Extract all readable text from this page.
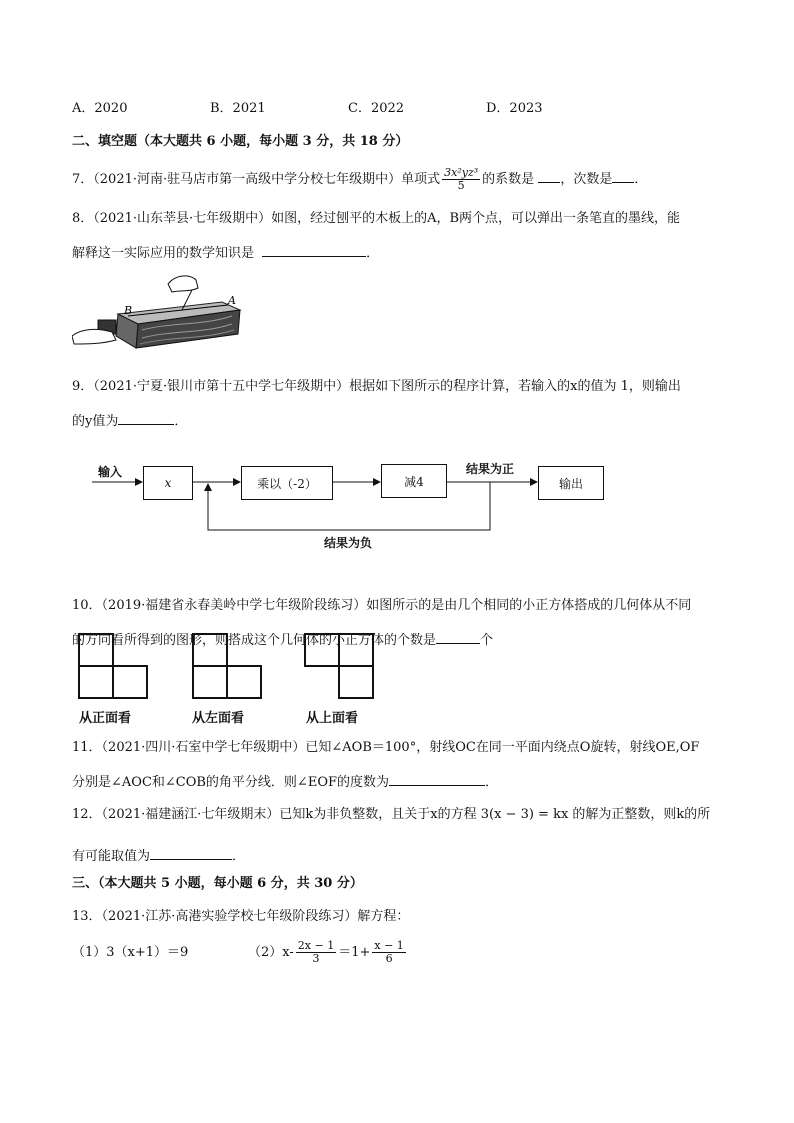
A．2020	B．2021	C．2022	D．2023
二、填空题（本大题共 6 小题，每小题 3 分，共 18 分）
7．（2021·河南·驻马店市第一高级中学分校七年级期中）单项式 $\frac{\text{3x²yz³}}{5}$ 的系数是 ，次数是 ．
8．（2021·山东莘县·七年级期中）如图，经过刨平的木板上的A，B两个点，可以弹出一条笔直的墨线，能
解释这一实际应用的数学知识是	．
B
A
9．（2021·宁夏·银川市第十五中学七年级期中）根据如下图所示的程序计算，若输入的x的值为 1，则输出
的y值为	．
输入
x	乘以（-2）	减4
结果为正
输出
结果为负
10．（2019·福建省永春美岭中学七年级阶段练习）如图所示的是由几个相同的小正方体搭成的几何体从不同
的方向看所得到的图形，则搭成这个几何体的小正方体的个数是	个
从正面看	从左面看	从上面看
11．（2021·四川·石室中学七年级期中）已知∠AOB＝100°，射线OC在同一平面内绕点O旋转，射线OE,OF
分别是∠AOC和∠COB的角平分线．则∠EOF的度数为	．
12．（2021·福建涵江·七年级期末）已知k为非负整数，且关于x的方程 3(x − 3) = kx 的解为正整数，则k的所
有可能取值为	．
三、（本大题共 5 小题，每小题 6 分，共 30 分）
13．（2021·江苏·高港实验学校七年级阶段练习）解方程：
（1）3（x+1）＝9	$(2)x- \frac{2x - 1}{3} =1+ \frac{x - 1}{6}$
